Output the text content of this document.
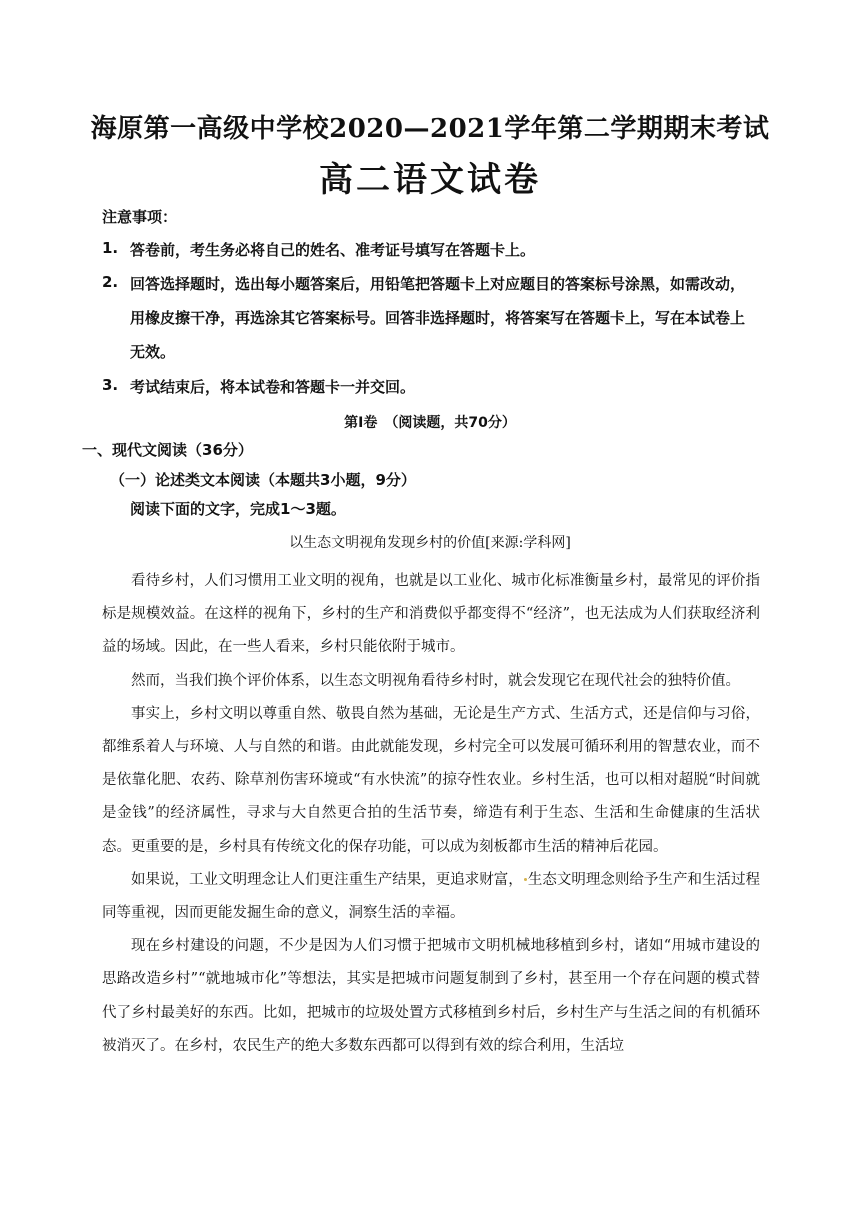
海原第一高级中学校2020—2021学年第二学期期末考试
高二语文试卷
注意事项：
1. 答卷前，考生务必将自己的姓名、准考证号填写在答题卡上。
2. 回答选择题时，选出每小题答案后，用铅笔把答题卡上对应题目的答案标号涂黑，如需改动，
用橡皮擦干净，再选涂其它答案标号。回答非选择题时，将答案写在答题卡上，写在本试卷上
无效。
3. 考试结束后，将本试卷和答题卡一并交回。
第Ⅰ卷　（阅读题，共70分）
一、现代文阅读（36分）
（一）论述类文本阅读（本题共3小题，9分）
阅读下面的文字，完成1～3题。
以生态文明视角发现乡村的价值[来源:学科网]

看待乡村，人们习惯用工业文明的视角，也就是以工业化、城市化标准衡量乡村，最常见的评价指标是规模效益。在这样的视角下，乡村的生产和消费似乎都变得不“经济”，也无法成为人们获取经济利益的场域。因此，在一些人看来，乡村只能依附于城市。

然而，当我们换个评价体系，以生态文明视角看待乡村时，就会发现它在现代社会的独特价值。

事实上，乡村文明以尊重自然、敬畏自然为基础，无论是生产方式、生活方式，还是信仰与习俗，都维系着人与环境、人与自然的和谐。由此就能发现，乡村完全可以发展可循环利用的智慧农业，而不是依靠化肥、农药、除草剂伤害环境或“有水快流”的掠夺性农业。乡村生活，也可以相对超脱“时间就是金钱”的经济属性，寻求与大自然更合拍的生活节奏，缔造有利于生态、生活和生命健康的生活状态。更重要的是，乡村具有传统文化的保存功能，可以成为刻板都市生活的精神后花园。

如果说，工业文明理念让人们更注重生产结果，更追求财富， 生态文明理念则给予生产和生活过程同等重视，因而更能发掘生命的意义，洞察生活的幸福。

现在乡村建设的问题，不少是因为人们习惯于把城市文明机械地移植到乡村，诸如“用城市建设的思路改造乡村”“就地城市化”等想法，其实是把城市问题复制到了乡村，甚至用一个存在问题的模式替代了乡村最美好的东西。比如，把城市的垃圾处置方式移植到乡村后，乡村生产与生活之间的有机循环被消灭了。在乡村，农民生产的绝大多数东西都可以得到有效的综合利用，生活垃
